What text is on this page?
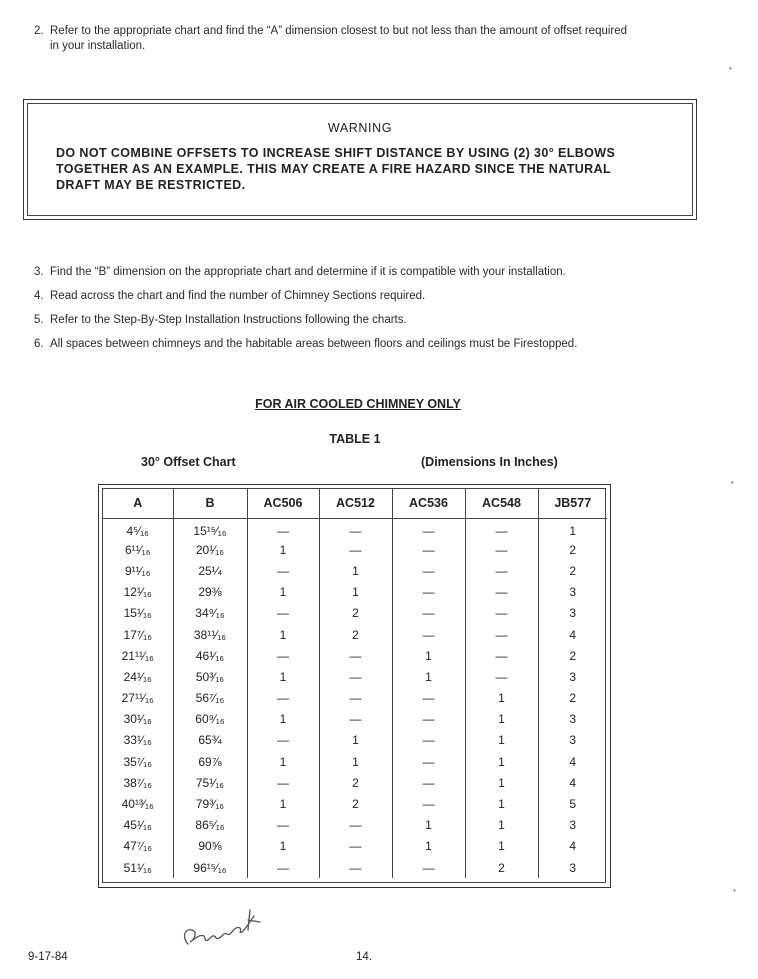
2. Refer to the appropriate chart and find the “A” dimension closest to but not less than the amount of offset required
in your installation.
•
WARNING
DO NOT COMBINE OFFSETS TO INCREASE SHIFT DISTANCE BY USING (2) 30° ELBOWS
TOGETHER AS AN EXAMPLE. THIS MAY CREATE A FIRE HAZARD SINCE THE NATURAL
DRAFT MAY BE RESTRICTED.
3. Find the “B” dimension on the appropriate chart and determine if it is compatible with your installation.
4. Read across the chart and find the number of Chimney Sections required.
5. Refer to the Step-By-Step Installation Instructions following the charts.
6. All spaces between chimneys and the habitable areas between floors and ceilings must be Firestopped.
FOR AIR COOLED CHIMNEY ONLY
TABLE 1
30° Offset Chart	(Dimensions In Inches)
•
A	B	AC506	AC512	AC536	AC548	JB577
4⁵⁄₁₆	15¹⁵⁄₁₆	—	—	—	—	1
6¹¹⁄₁₆	20¹⁄₁₆	1	—	—	—	2
9¹¹⁄₁₆	25¼	—	1	—	—	2
12¹⁄₁₆	29⅜	1	1	—	—	3
15¹⁄₁₆	34⁹⁄₁₆	—	2	—	—	3
17⁷⁄₁₆	38¹¹⁄₁₆	1	2	—	—	4
21¹¹⁄₁₆	46¹⁄₁₆	—	—	1	—	2
24¹⁄₁₆	50³⁄₁₆	1	—	1	—	3
27¹¹⁄₁₆	56⁷⁄₁₆	—	—	—	1	2
30¹⁄₁₆	60⁹⁄₁₆	1	—	—	1	3
33¹⁄₁₆	65¾	—	1	—	1	3
35⁷⁄₁₆	69⅞	1	1	—	1	4
38⁷⁄₁₆	75¹⁄₁₆	—	2	—	1	4
40¹³⁄₁₆	79³⁄₁₆	1	2	—	1	5
45¹⁄₁₆	86⁵⁄₁₆	—	—	1	1	3
47⁷⁄₁₆	90⅝	1	—	1	1	4
51¹⁄₁₆	96¹⁵⁄₁₆	—	—	—	2	3
9-17-84	14.
•
